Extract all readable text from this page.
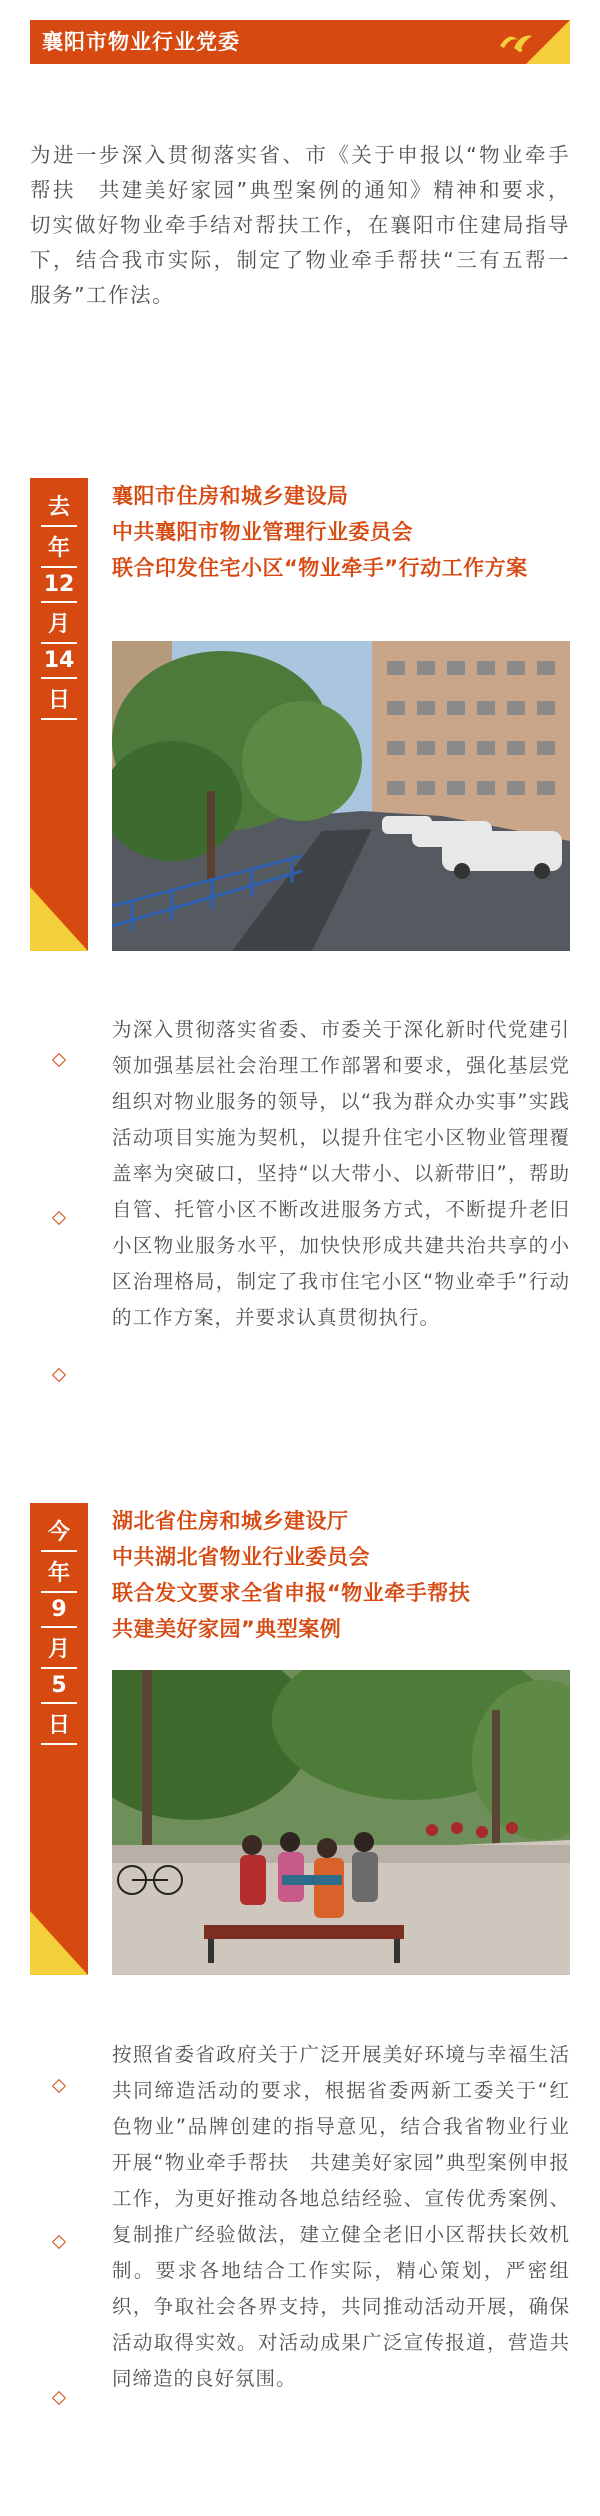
襄阳市物业行业党委
为进一步深入贯彻落实省、市《关于申报以“物业牵手帮扶　共建美好家园”典型案例的通知》精神和要求，切实做好物业牵手结对帮扶工作，在襄阳市住建局指导下，结合我市实际，制定了物业牵手帮扶“三有五帮一服务”工作法。
去
年
12
月
14
日
襄阳市住房和城乡建设局
中共襄阳市物业管理行业委员会
联合印发住宅小区“物业牵手”行动工作方案
为深入贯彻落实省委、市委关于深化新时代党建引领加强基层社会治理工作部署和要求，强化基层党组织对物业服务的领导，以“我为群众办实事”实践活动项目实施为契机，以提升住宅小区物业管理覆盖率为突破口，坚持“以大带小、以新带旧”，帮助自管、托管小区不断改进服务方式，不断提升老旧小区物业服务水平，加快快形成共建共治共享的小区治理格局，制定了我市住宅小区“物业牵手”行动的工作方案，并要求认真贯彻执行。
今
年
9
月
5
日
湖北省住房和城乡建设厅
中共湖北省物业行业委员会
联合发文要求全省申报“物业牵手帮扶
共建美好家园”典型案例
按照省委省政府关于广泛开展美好环境与幸福生活共同缔造活动的要求，根据省委两新工委关于“红色物业”品牌创建的指导意见，结合我省物业行业开展“物业牵手帮扶　共建美好家园”典型案例申报工作，为更好推动各地总结经验、宣传优秀案例、复制推广经验做法，建立健全老旧小区帮扶长效机制。要求各地结合工作实际，精心策划，严密组织，争取社会各界支持，共同推动活动开展，确保活动取得实效。对活动成果广泛宣传报道，营造共同缔造的良好氛围。
